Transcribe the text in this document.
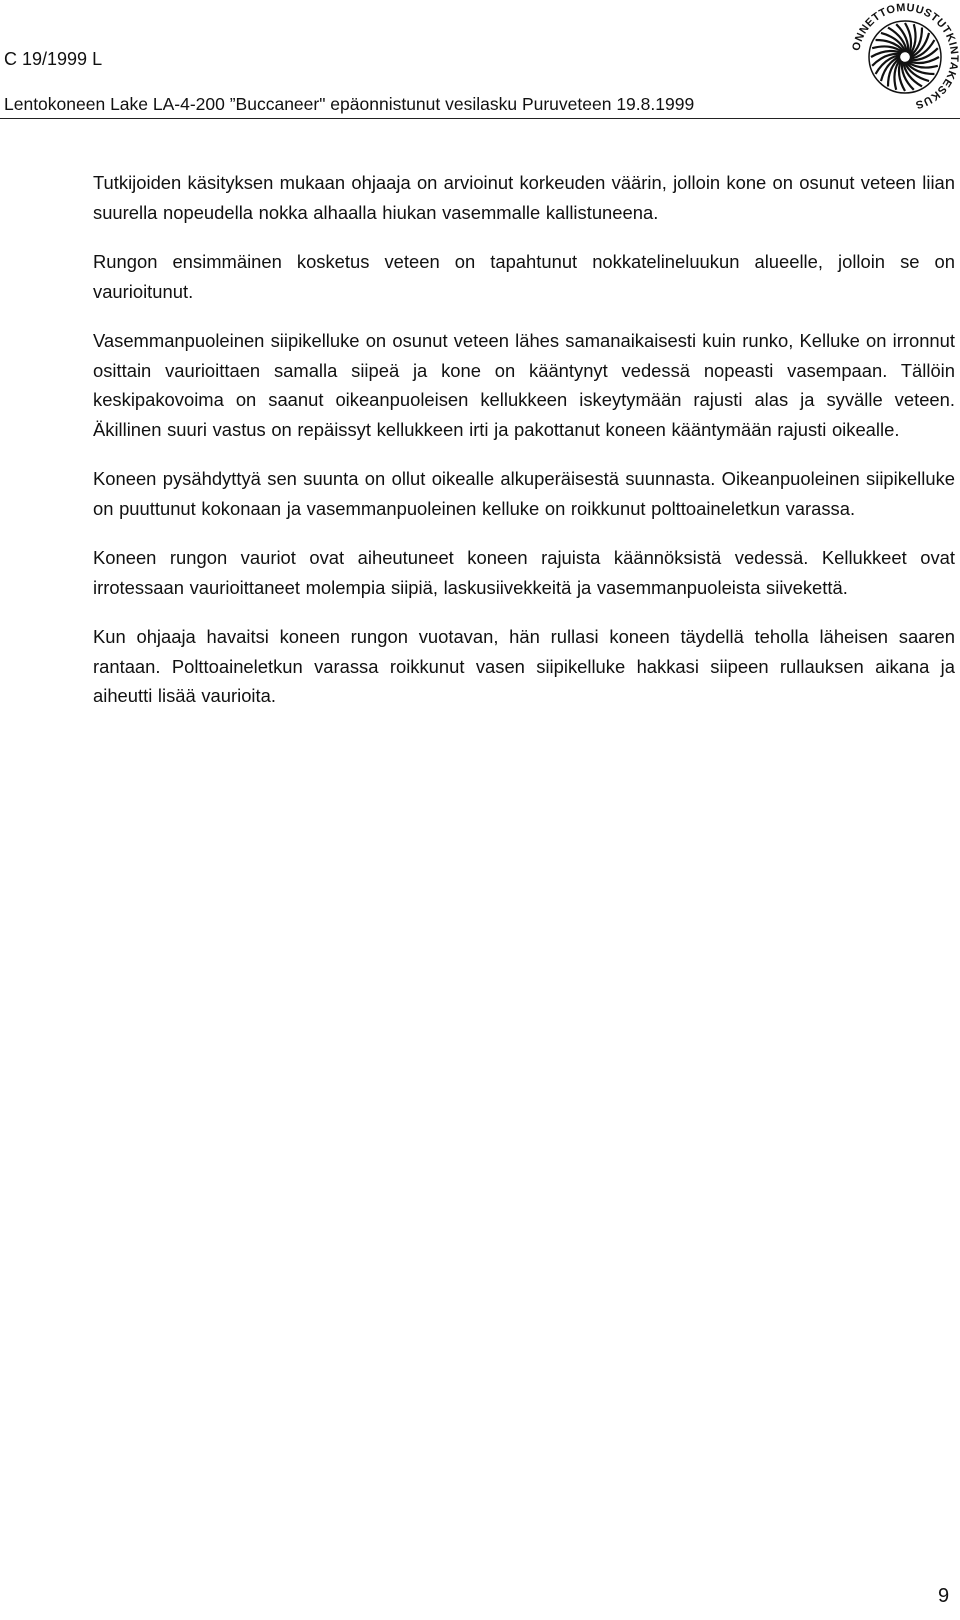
C 19/1999 L
Lentokoneen Lake LA-4-200 ”Buccaneer" epäonnistunut vesilasku Puruveteen 19.8.1999
ONNETTOMUUSTUTKINTAKESKUS

Tutkijoiden käsityksen mukaan ohjaaja on arvioinut korkeuden väärin, jolloin kone on osunut veteen liian suurella nopeudella nokka alhaalla hiukan vasemmalle kallistuneena.

Rungon ensimmäinen kosketus veteen on tapahtunut nokkatelineluukun alueelle, jolloin se on vaurioitunut.

Vasemmanpuoleinen siipikelluke on osunut veteen lähes samanaikaisesti kuin runko, Kelluke on irronnut osittain vaurioittaen samalla siipeä ja kone on kääntynyt vedessä nopeasti vasempaan. Tällöin keskipakovoima on saanut oikeanpuoleisen kellukkeen iskeytymään rajusti alas ja syvälle veteen. Äkillinen suuri vastus on repäissyt kellukkeen irti ja pakottanut koneen kääntymään rajusti oikealle.

Koneen pysähdyttyä sen suunta on ollut oikealle alkuperäisestä suunnasta. Oikeanpuoleinen siipikelluke on puuttunut kokonaan ja vasemmanpuoleinen kelluke on roikkunut polttoaineletkun varassa.

Koneen rungon vauriot ovat aiheutuneet koneen rajuista käännöksistä vedessä. Kellukkeet ovat irrotessaan vaurioittaneet molempia siipiä, laskusiivekkeitä ja vasemmanpuoleista siivekettä.

Kun ohjaaja havaitsi koneen rungon vuotavan, hän rullasi koneen täydellä teholla läheisen saaren rantaan. Polttoaineletkun varassa roikkunut vasen siipikelluke hakkasi siipeen rullauksen aikana ja aiheutti lisää vaurioita.

9
